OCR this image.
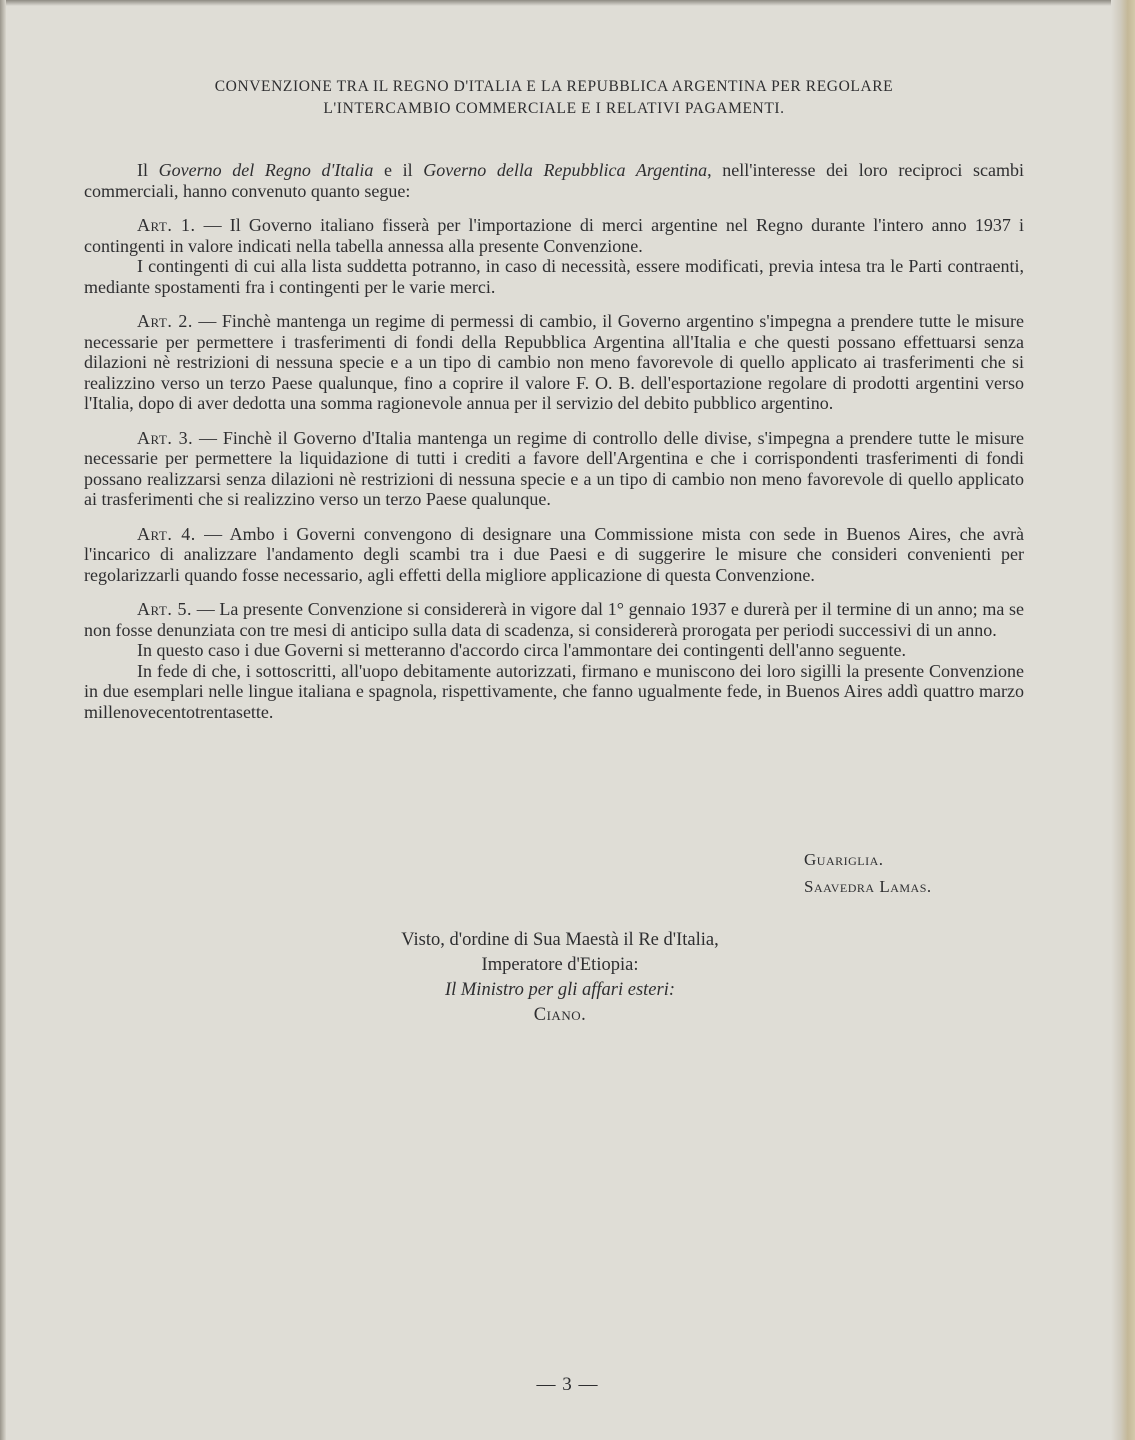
CONVENZIONE TRA IL REGNO D'ITALIA E LA REPUBBLICA ARGENTINA PER REGOLARE
L'INTERCAMBIO COMMERCIALE E I RELATIVI PAGAMENTI.

Il Governo del Regno d'Italia e il Governo della Repubblica Argentina, nell'interesse dei loro reciproci scambi commerciali, hanno convenuto quanto segue:

Art. 1. — Il Governo italiano fisserà per l'importazione di merci argentine nel Regno durante l'intero anno 1937 i contingenti in valore indicati nella tabella annessa alla presente Convenzione.

I contingenti di cui alla lista suddetta potranno, in caso di necessità, essere modificati, previa intesa tra le Parti contraenti, mediante spostamenti fra i contingenti per le varie merci.

Art. 2. — Finchè mantenga un regime di permessi di cambio, il Governo argentino s'impegna a prendere tutte le misure necessarie per permettere i trasferimenti di fondi della Repubblica Argentina all'Italia e che questi possano effettuarsi senza dilazioni nè restrizioni di nessuna specie e a un tipo di cambio non meno favorevole di quello applicato ai trasferimenti che si realizzino verso un terzo Paese qualunque, fino a coprire il valore F. O. B. dell'esportazione regolare di prodotti argentini verso l'Italia, dopo di aver dedotta una somma ragionevole annua per il servizio del debito pubblico argentino.

Art. 3. — Finchè il Governo d'Italia mantenga un regime di controllo delle divise, s'impegna a prendere tutte le misure necessarie per permettere la liquidazione di tutti i crediti a favore dell'Argentina e che i corrispondenti trasferimenti di fondi possano realizzarsi senza dilazioni nè restrizioni di nessuna specie e a un tipo di cambio non meno favorevole di quello applicato ai trasferimenti che si realizzino verso un terzo Paese qualunque.

Art. 4. — Ambo i Governi convengono di designare una Commissione mista con sede in Buenos Aires, che avrà l'incarico di analizzare l'andamento degli scambi tra i due Paesi e di suggerire le misure che consideri convenienti per regolarizzarli quando fosse necessario, agli effetti della migliore applicazione di questa Convenzione.

Art. 5. — La presente Convenzione si considererà in vigore dal 1° gennaio 1937 e durerà per il termine di un anno; ma se non fosse denunziata con tre mesi di anticipo sulla data di scadenza, si considererà prorogata per periodi successivi di un anno.

In questo caso i due Governi si metteranno d'accordo circa l'ammontare dei contingenti dell'anno seguente.

In fede di che, i sottoscritti, all'uopo debitamente autorizzati, firmano e muniscono dei loro sigilli la presente Convenzione in due esemplari nelle lingue italiana e spagnola, rispettivamente, che fanno ugualmente fede, in Buenos Aires addì quattro marzo millenovecentotrentasette.

Guariglia.
Saavedra Lamas.
Visto, d'ordine di Sua Maestà il Re d'Italia,
Imperatore d'Etiopia:
Il Ministro per gli affari esteri:
Ciano.
— 3 —
